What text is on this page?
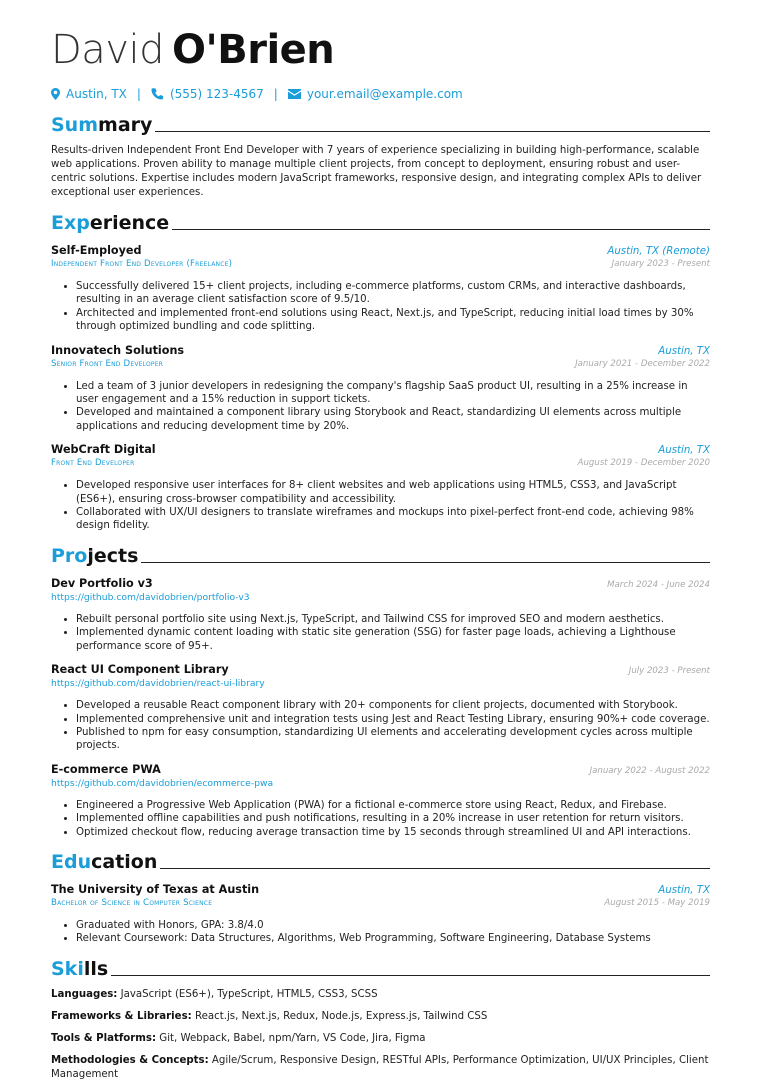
David O'Brien
Austin, TX | (555) 123-4567 | your.email@example.com
Summary
Results-driven Independent Front End Developer with 7 years of experience specializing in building high-performance, scalable web applications. Proven ability to manage multiple client projects, from concept to deployment, ensuring robust and user-centric solutions. Expertise includes modern JavaScript frameworks, responsive design, and integrating complex APIs to deliver exceptional user experiences.
Experience
Self-Employed	Austin, TX (Remote)
Independent Front End Developer (Freelance)	January 2023 - Present
• Successfully delivered 15+ client projects, including e-commerce platforms, custom CRMs, and interactive dashboards, resulting in an average client satisfaction score of 9.5/10.
• Architected and implemented front-end solutions using React, Next.js, and TypeScript, reducing initial load times by 30% through optimized bundling and code splitting.
Innovatech Solutions	Austin, TX
Senior Front End Developer	January 2021 - December 2022
• Led a team of 3 junior developers in redesigning the company's flagship SaaS product UI, resulting in a 25% increase in user engagement and a 15% reduction in support tickets.
• Developed and maintained a component library using Storybook and React, standardizing UI elements across multiple applications and reducing development time by 20%.
WebCraft Digital	Austin, TX
Front End Developer	August 2019 - December 2020
• Developed responsive user interfaces for 8+ client websites and web applications using HTML5, CSS3, and JavaScript (ES6+), ensuring cross-browser compatibility and accessibility.
• Collaborated with UX/UI designers to translate wireframes and mockups into pixel-perfect front-end code, achieving 98% design fidelity.
Projects
Dev Portfolio v3	March 2024 - June 2024
https://github.com/davidobrien/portfolio-v3
• Rebuilt personal portfolio site using Next.js, TypeScript, and Tailwind CSS for improved SEO and modern aesthetics.
• Implemented dynamic content loading with static site generation (SSG) for faster page loads, achieving a Lighthouse performance score of 95+.
React UI Component Library	July 2023 - Present
https://github.com/davidobrien/react-ui-library
• Developed a reusable React component library with 20+ components for client projects, documented with Storybook.
• Implemented comprehensive unit and integration tests using Jest and React Testing Library, ensuring 90%+ code coverage.
• Published to npm for easy consumption, standardizing UI elements and accelerating development cycles across multiple projects.
E-commerce PWA	January 2022 - August 2022
https://github.com/davidobrien/ecommerce-pwa
• Engineered a Progressive Web Application (PWA) for a fictional e-commerce store using React, Redux, and Firebase.
• Implemented offline capabilities and push notifications, resulting in a 20% increase in user retention for return visitors.
• Optimized checkout flow, reducing average transaction time by 15 seconds through streamlined UI and API interactions.
Education
The University of Texas at Austin	Austin, TX
Bachelor of Science in Computer Science	August 2015 - May 2019
• Graduated with Honors, GPA: 3.8/4.0
• Relevant Coursework: Data Structures, Algorithms, Web Programming, Software Engineering, Database Systems
Skills
Languages: JavaScript (ES6+), TypeScript, HTML5, CSS3, SCSS
Frameworks & Libraries: React.js, Next.js, Redux, Node.js, Express.js, Tailwind CSS
Tools & Platforms: Git, Webpack, Babel, npm/Yarn, VS Code, Jira, Figma
Methodologies & Concepts: Agile/Scrum, Responsive Design, RESTful APIs, Performance Optimization, UI/UX Principles, Client Management
